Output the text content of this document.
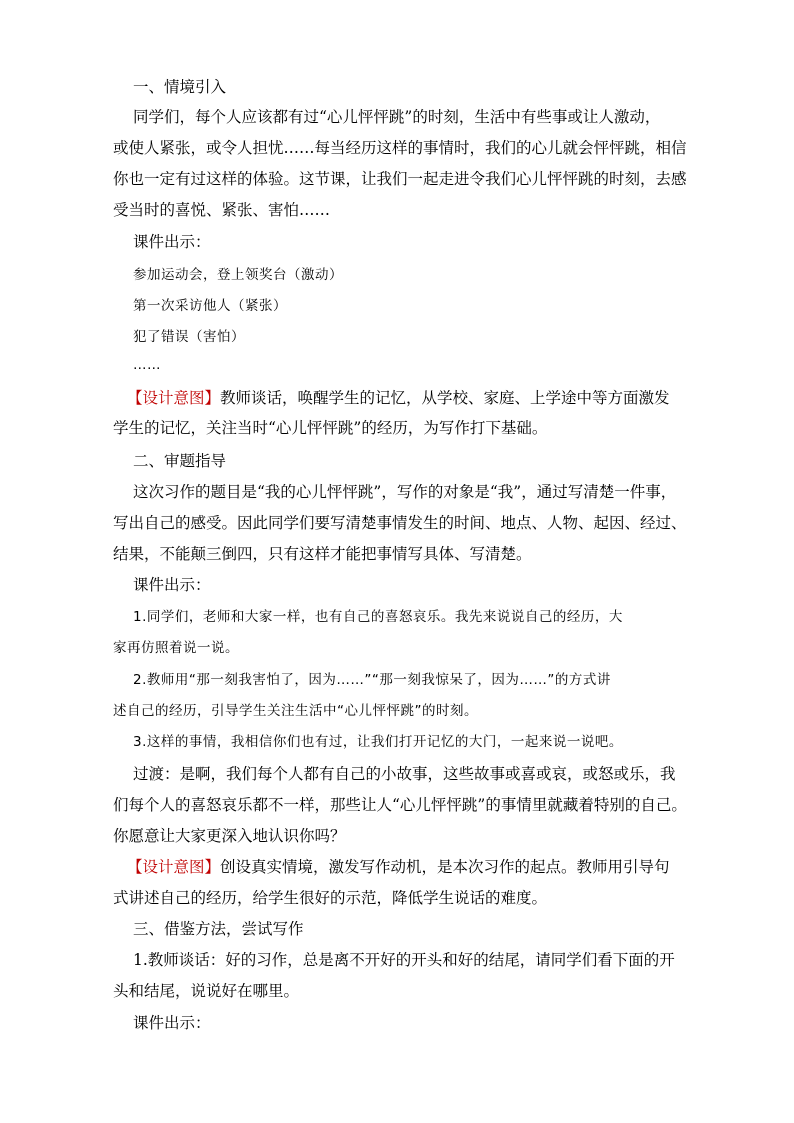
一、情境引入
同学们，每个人应该都有过“心儿怦怦跳”的时刻，生活中有些事或让人激动，
或使人紧张，或令人担忧……每当经历这样的事情时，我们的心儿就会怦怦跳，相信
你也一定有过这样的体验。这节课，让我们一起走进令我们心儿怦怦跳的时刻，去感
受当时的喜悦、紧张、害怕……
课件出示：
参加运动会，登上领奖台（激动）
第一次采访他人（紧张）
犯了错误（害怕）
……
【设计意图】教师谈话，唤醒学生的记忆，从学校、家庭、上学途中等方面激发
学生的记忆，关注当时“心儿怦怦跳”的经历，为写作打下基础。
二、审题指导
这次习作的题目是“我的心儿怦怦跳”，写作的对象是“我”，通过写清楚一件事，
写出自己的感受。因此同学们要写清楚事情发生的时间、地点、人物、起因、经过、
结果，不能颠三倒四，只有这样才能把事情写具体、写清楚。
课件出示：
1.同学们，老师和大家一样，也有自己的喜怒哀乐。我先来说说自己的经历，大
家再仿照着说一说。
2.教师用“那一刻我害怕了，因为……”“那一刻我惊呆了，因为……”的方式讲
述自己的经历，引导学生关注生活中“心儿怦怦跳”的时刻。
3.这样的事情，我相信你们也有过，让我们打开记忆的大门，一起来说一说吧。
过渡：是啊，我们每个人都有自己的小故事，这些故事或喜或哀，或怒或乐，我
们每个人的喜怒哀乐都不一样，那些让人“心儿怦怦跳”的事情里就藏着特别的自己。
你愿意让大家更深入地认识你吗？
【设计意图】创设真实情境，激发写作动机，是本次习作的起点。教师用引导句
式讲述自己的经历，给学生很好的示范，降低学生说话的难度。
三、借鉴方法，尝试写作
1.教师谈话：好的习作，总是离不开好的开头和好的结尾，请同学们看下面的开
头和结尾，说说好在哪里。
课件出示：
